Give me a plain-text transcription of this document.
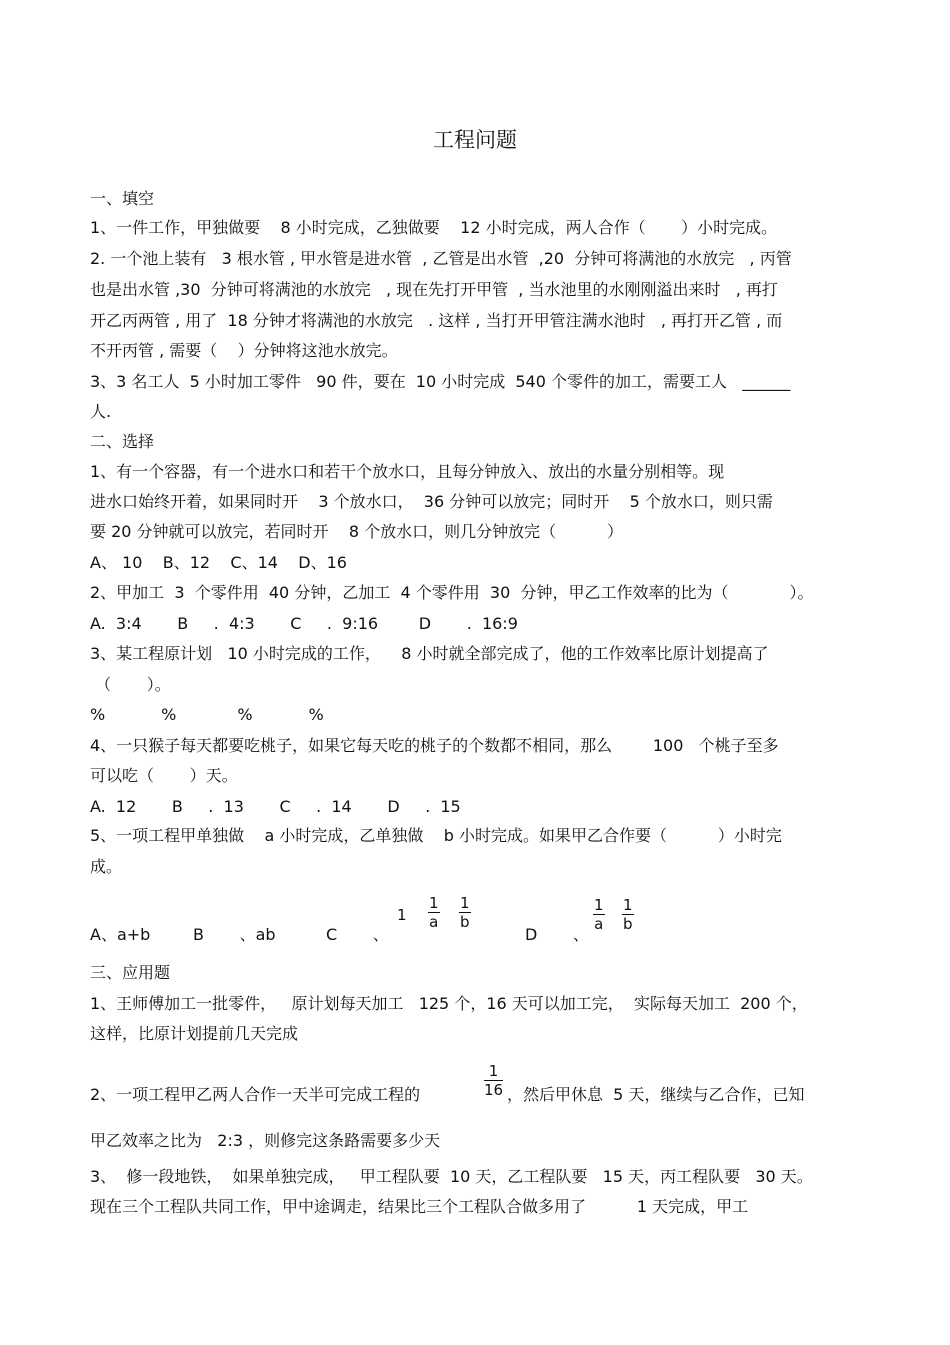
工程问题
一、填空
1、一件工作，甲独做要    8 小时完成，乙独做要    12 小时完成，两人合作（       ）小时完成。
2. 一个池上装有   3 根水管 , 甲水管是进水管  , 乙管是出水管  ,20  分钟可将满池的水放完   , 丙管
也是出水管 ,30  分钟可将满池的水放完   , 现在先打开甲管  , 当水池里的水刚刚溢出来时   , 再打
开乙丙两管 , 用了  18 分钟才将满池的水放完   . 这样 , 当打开甲管注满水池时   , 再打开乙管 , 而
不开丙管 , 需要（    ）分钟将这池水放完。
3、3 名工人  5 小时加工零件   90 件，要在  10 小时完成  540 个零件的加工，需要工人   ______
人.
二、选择
1、有一个容器，有一个进水口和若干个放水口，且每分钟放入、放出的水量分别相等。现
进水口始终开着，如果同时开    3 个放水口，  36 分钟可以放完；同时开    5 个放水口，则只需
要 20 分钟就可以放完，若同时开    8 个放水口，则几分钟放完（          ）
A、 10    B、12    C、14    D、16
2、甲加工  3  个零件用  40 分钟，乙加工  4 个零件用  30  分钟，甲乙工作效率的比为（            ）。
A.  3:4       B     .  4:3       C     .  9:16        D       .  16:9
3、某工程原计划   10 小时完成的工作，    8 小时就全部完成了，他的工作效率比原计划提高了
（       ）。
%           %            %           %
4、一只猴子每天都要吃桃子，如果它每天吃的桃子的个数都不相同，那么        100   个桃子至多
可以吃（       ）天。
A.  12       B     .  13       C     .  14       D     .  15
5、一项工程甲单独做    a 小时完成，乙单独做    b 小时完成。如果甲乙合作要（          ）小时完
成。
A、a+b	B       、ab	C       、
$1 \frac{1}{a} \frac{1}{b}$
D       、
$\frac{1}{a} \frac{1}{b}$
三、应用题
1、王师傅加工一批零件，   原计划每天加工   125 个，16 天可以加工完，  实际每天加工  200 个，
这样，比原计划提前几天完成
2、一项工程甲乙两人合作一天半可完成工程的	$\frac{1}{16}$ ，然后甲休息  5 天，继续与乙合作，已知
甲乙效率之比为   2:3 ，则修完这条路需要多少天
3、  修一段地铁，  如果单独完成，   甲工程队要  10 天，乙工程队要   15 天，丙工程队要   30 天。
现在三个工程队共同工作，甲中途调走，结果比三个工程队合做多用了          1 天完成，甲工
